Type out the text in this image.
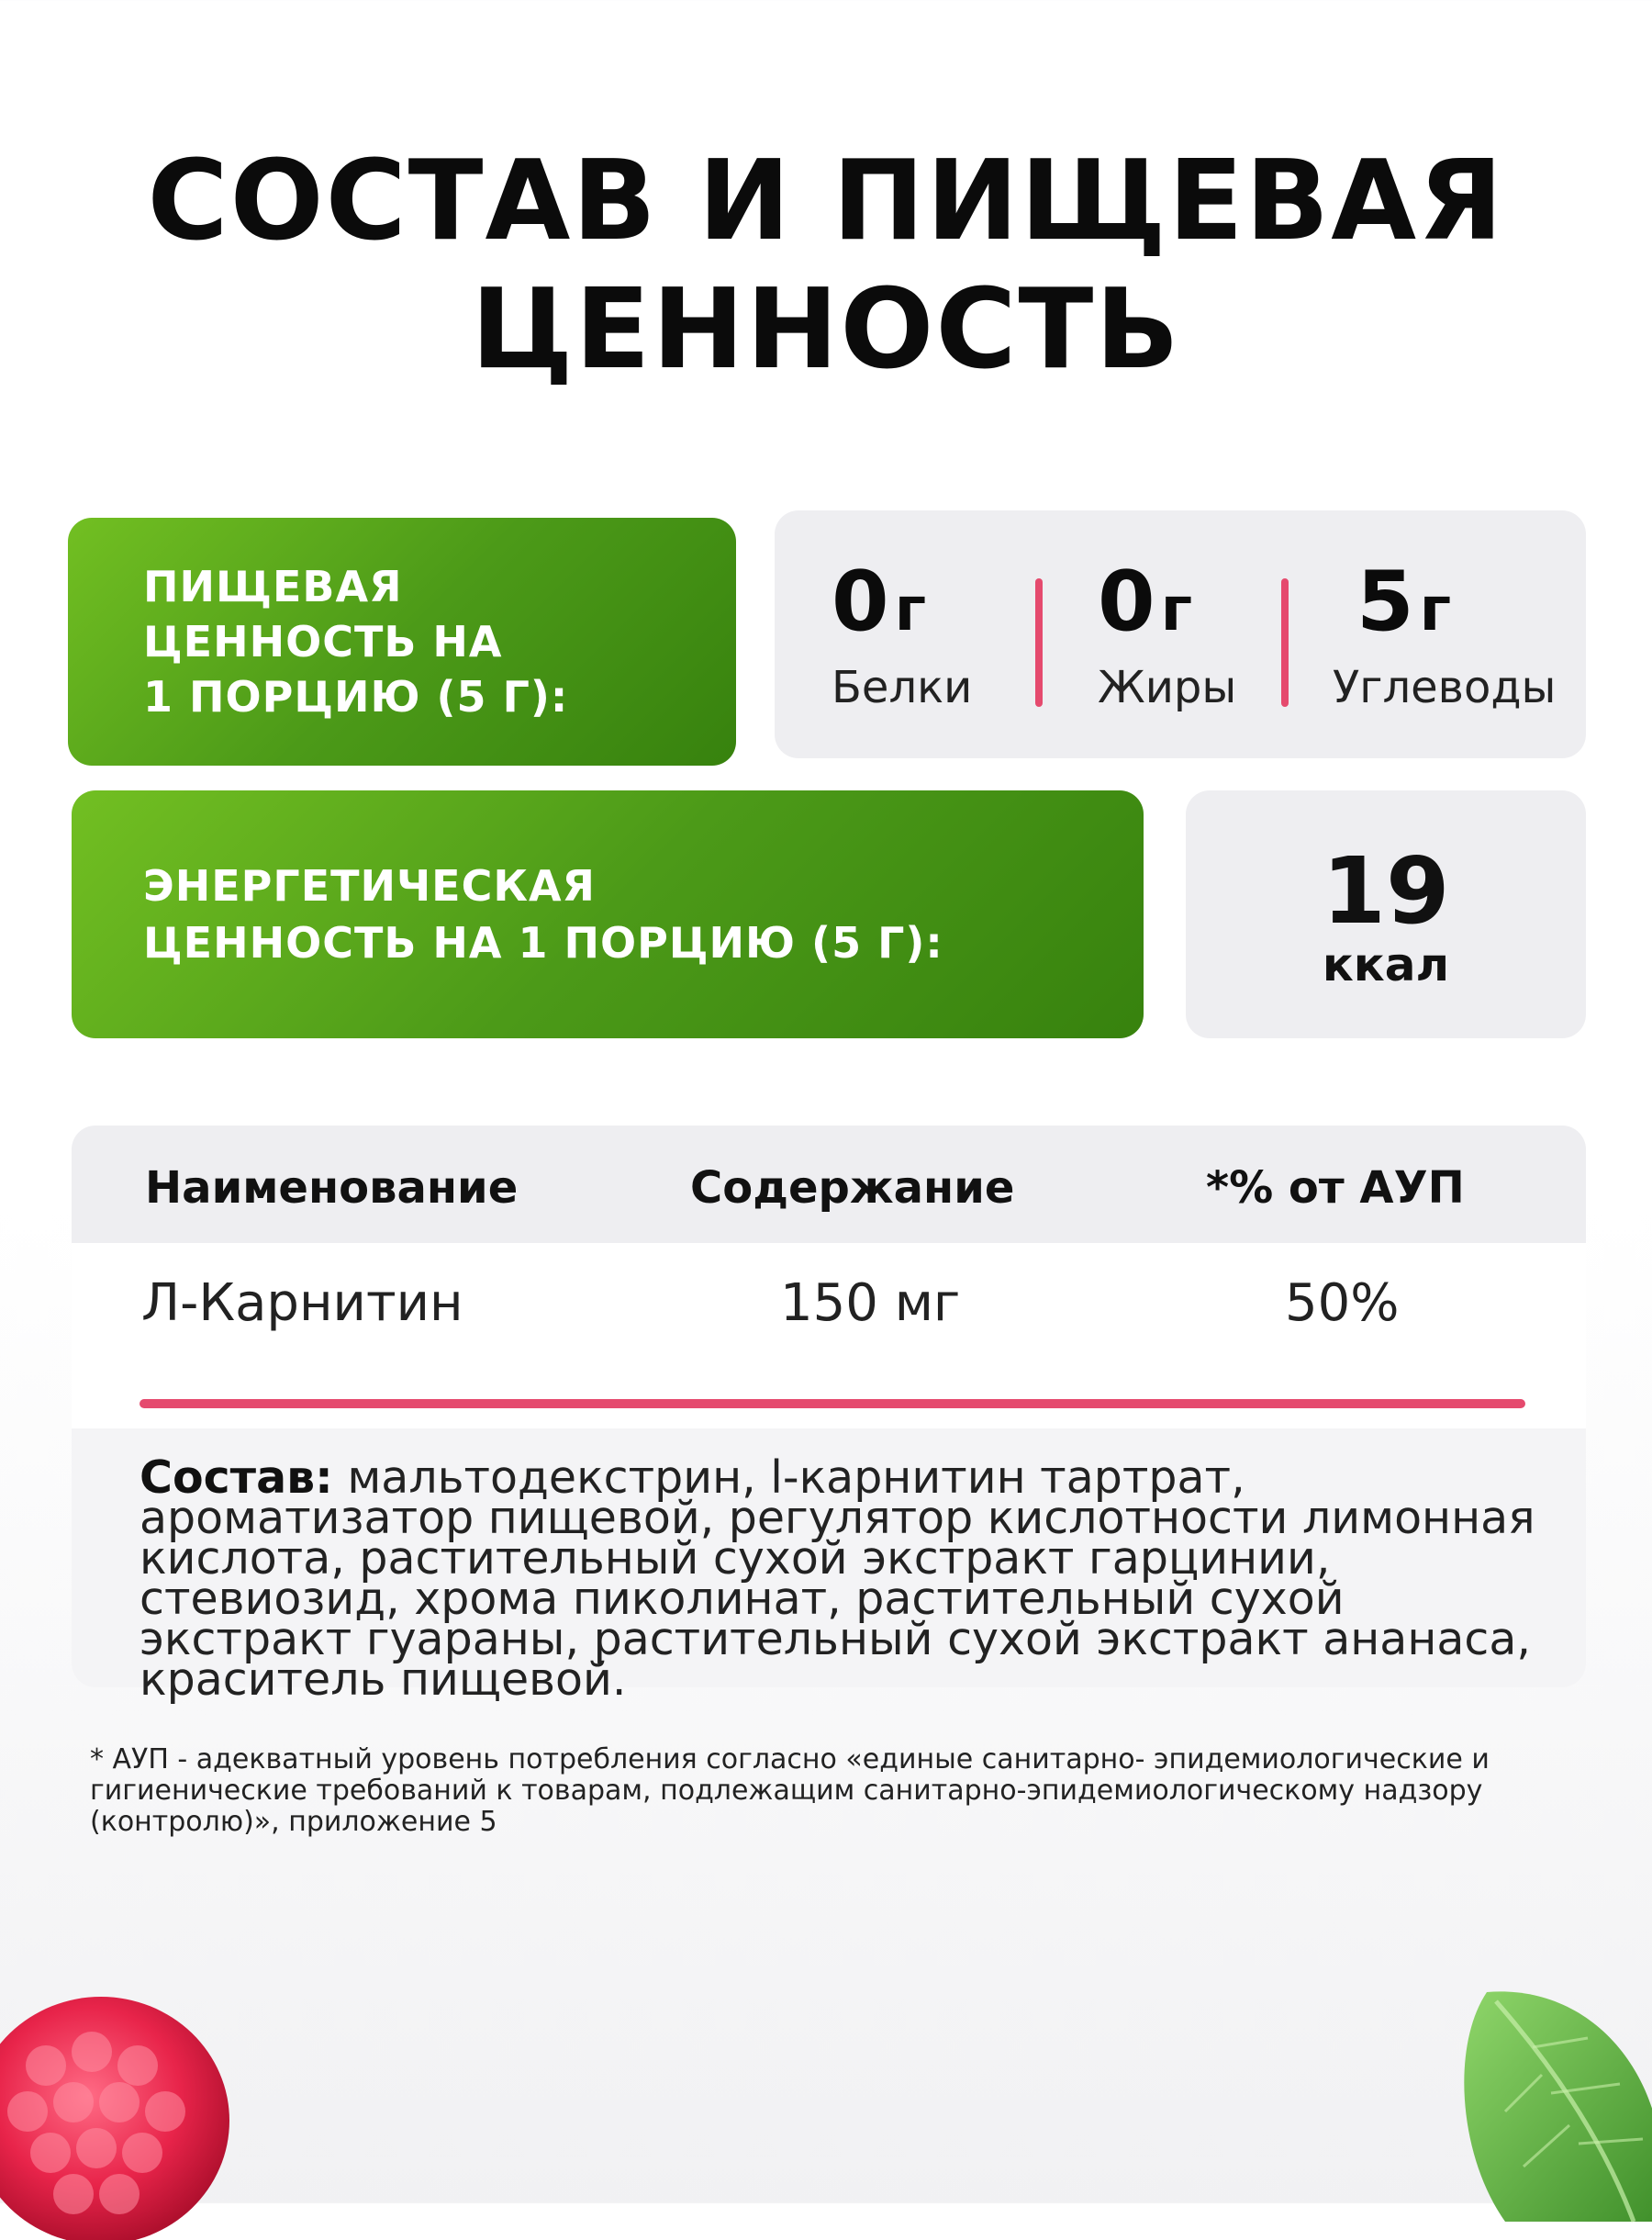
СОСТАВ И ПИЩЕВАЯ
ЦЕННОСТЬ
ПИЩЕВАЯ
ЦЕННОСТЬ НА
1 ПОРЦИЮ (5 Г):
0г
Белки
0г
Жиры
5г
Углеводы
ЭНЕРГЕТИЧЕСКАЯ
ЦЕННОСТЬ НА 1 ПОРЦИЮ (5 Г):	19
ккал
Наименование	Содержание	*% от АУП
Л-Карнитин	150 мг	50%

Состав: мальтодекстрин, l-карнитин тартрат, ароматизатор пищевой, регулятор кислотности лимонная кислота, растительный сухой экстракт гарцинии, стевиозид, хрома пиколинат, растительный сухой экстракт гуараны, растительный сухой экстракт ананаса, краситель пищевой.

* АУП - адекватный уровень потребления согласно «единые санитарно- эпидемиологические и гигиенические требований к товарам, подлежащим санитарно-эпидемиологическому надзору (контролю)», приложение 5
